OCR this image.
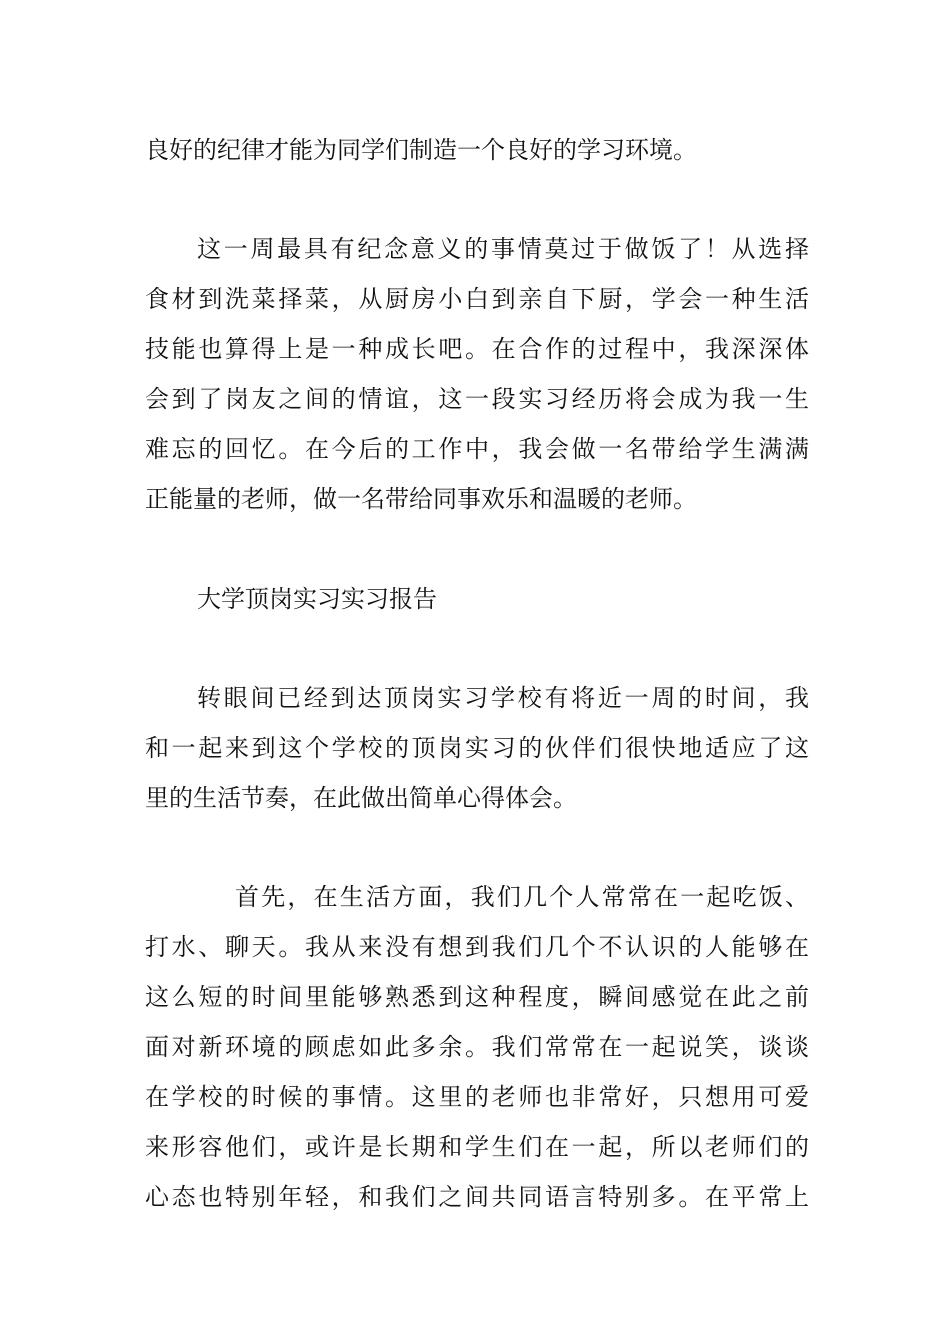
良好的纪律才能为同学们制造一个良好的学习环境。
这一周最具有纪念意义的事情莫过于做饭了！从选择
食材到洗菜择菜，从厨房小白到亲自下厨，学会一种生活
技能也算得上是一种成长吧。在合作的过程中，我深深体
会到了岗友之间的情谊，这一段实习经历将会成为我一生
难忘的回忆。在今后的工作中，我会做一名带给学生满满
正能量的老师，做一名带给同事欢乐和温暖的老师。
大学顶岗实习实习报告
转眼间已经到达顶岗实习学校有将近一周的时间，我
和一起来到这个学校的顶岗实习的伙伴们很快地适应了这
里的生活节奏，在此做出简单心得体会。
首先，在生活方面，我们几个人常常在一起吃饭、
打水、聊天。我从来没有想到我们几个不认识的人能够在
这么短的时间里能够熟悉到这种程度，瞬间感觉在此之前
面对新环境的顾虑如此多余。我们常常在一起说笑，谈谈
在学校的时候的事情。这里的老师也非常好，只想用可爱
来形容他们，或许是长期和学生们在一起，所以老师们的
心态也特别年轻，和我们之间共同语言特别多。在平常上
